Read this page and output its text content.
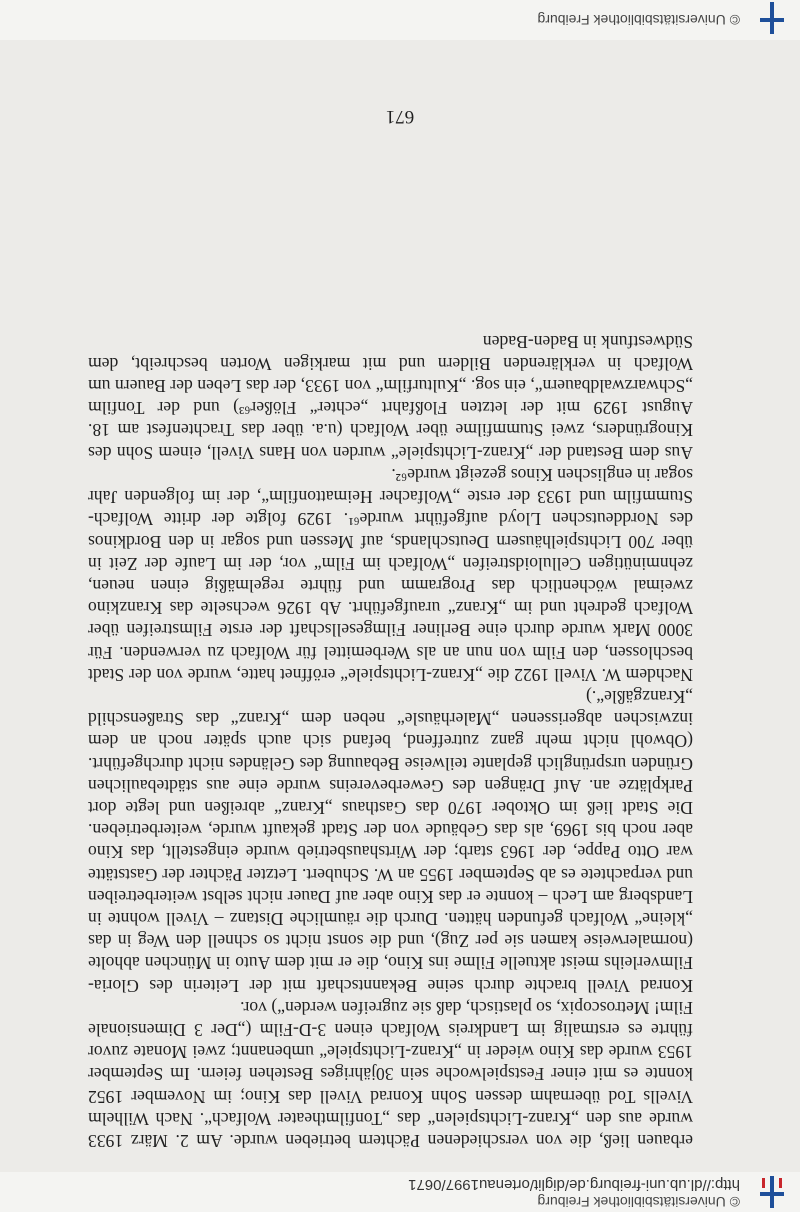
© Universitätsbibliothek Freiburg
http://dl.ub.uni-freiburg.de/diglit/ortenau1997/0671

erbauen ließ, die von verschiedenen Pächtern betrieben wurde. Am 2. März 1933 wurde aus den „Kranz-Lichtspielen“ das „Tonfilmtheater Wolfach“. Nach Wilhelm Vivells Tod übernahm dessen Sohn Konrad Vivell das Kino; im November 1952 konnte es mit einer Festspielwoche sein 30jähriges Bestehen feiern. Im September 1953 wurde das Kino wieder in „Kranz-Lichtspiele“ umbenannt; zwei Monate zuvor führte es erstmalig im Landkreis Wolfach einen 3-D-Film („Der 3 Dimensionale Film! Metroscopix, so plastisch, daß sie zugreifen werden“) vor.

Konrad Vivell brachte durch seine Bekanntschaft mit der Leiterin des Gloria-Filmverleihs meist aktuelle Filme ins Kino, die er mit dem Auto in München abholte (normalerweise kamen sie per Zug), und die sonst nicht so schnell den Weg in das „kleine“ Wolfach gefunden hätten. Durch die räumliche Distanz – Vivell wohnte in Landsberg am Lech – konnte er das Kino aber auf Dauer nicht selbst weiterbetreiben und verpachtete es ab September 1955 an W. Schubert. Letzter Pächter der Gaststätte war Otto Pappe, der 1963 starb; der Wirtshausbetrieb wurde eingestellt, das Kino aber noch bis 1969, als das Gebäude von der Stadt gekauft wurde, weiterbetrieben. Die Stadt ließ im Oktober 1970 das Gasthaus „Kranz“ abreißen und legte dort Parkplätze an. Auf Drängen des Gewerbevereins wurde eine aus städtebaulichen Gründen ursprünglich geplante teilweise Bebauung des Geländes nicht durchgeführt. (Obwohl nicht mehr ganz zutreffend, befand sich auch später noch an dem inzwischen abgerissenen „Malerhäusle“ neben dem „Kranz“ das Straßenschild „Kranzgäßle“.)

Nachdem W. Vivell 1922 die „Kranz-Lichtspiele“ eröffnet hatte, wurde von der Stadt beschlossen, den Film von nun an als Werbemittel für Wolfach zu verwenden. Für 3000 Mark wurde durch eine Berliner Filmgesellschaft der erste Filmstreifen über Wolfach gedreht und im „Kranz“ uraufgeführt. Ab 1926 wechselte das Kranzkino zweimal wöchentlich das Programm und führte regelmäßig einen neuen, zehnminütigen Celluloidstreifen „Wolfach im Film“ vor, der im Laufe der Zeit in über 700 Lichtspielhäusern Deutschlands, auf Messen und sogar in den Bordkinos des Norddeutschen Lloyd aufgeführt wurde⁶¹. 1929 folgte der dritte Wolfach-Stummfilm und 1933 der erste „Wolfacher Heimattonfilm“, der im folgenden Jahr sogar in englischen Kinos gezeigt wurde⁶².

Aus dem Bestand der „Kranz-Lichtspiele“ wurden von Hans Vivell, einem Sohn des Kinogründers, zwei Stummfilme über Wolfach (u.a. über das Trachtenfest am 18. August 1929 mit der letzten Floßfahrt „echter“ Flößer⁶³) und der Tonfilm „Schwarzwaldbauern“, ein sog. „Kulturfilm“ von 1933, der das Leben der Bauern um Wolfach in verklärenden Bildern und mit markigen Worten beschreibt, dem Südwestfunk in Baden-Baden

671
© Universitätsbibliothek Freiburg
